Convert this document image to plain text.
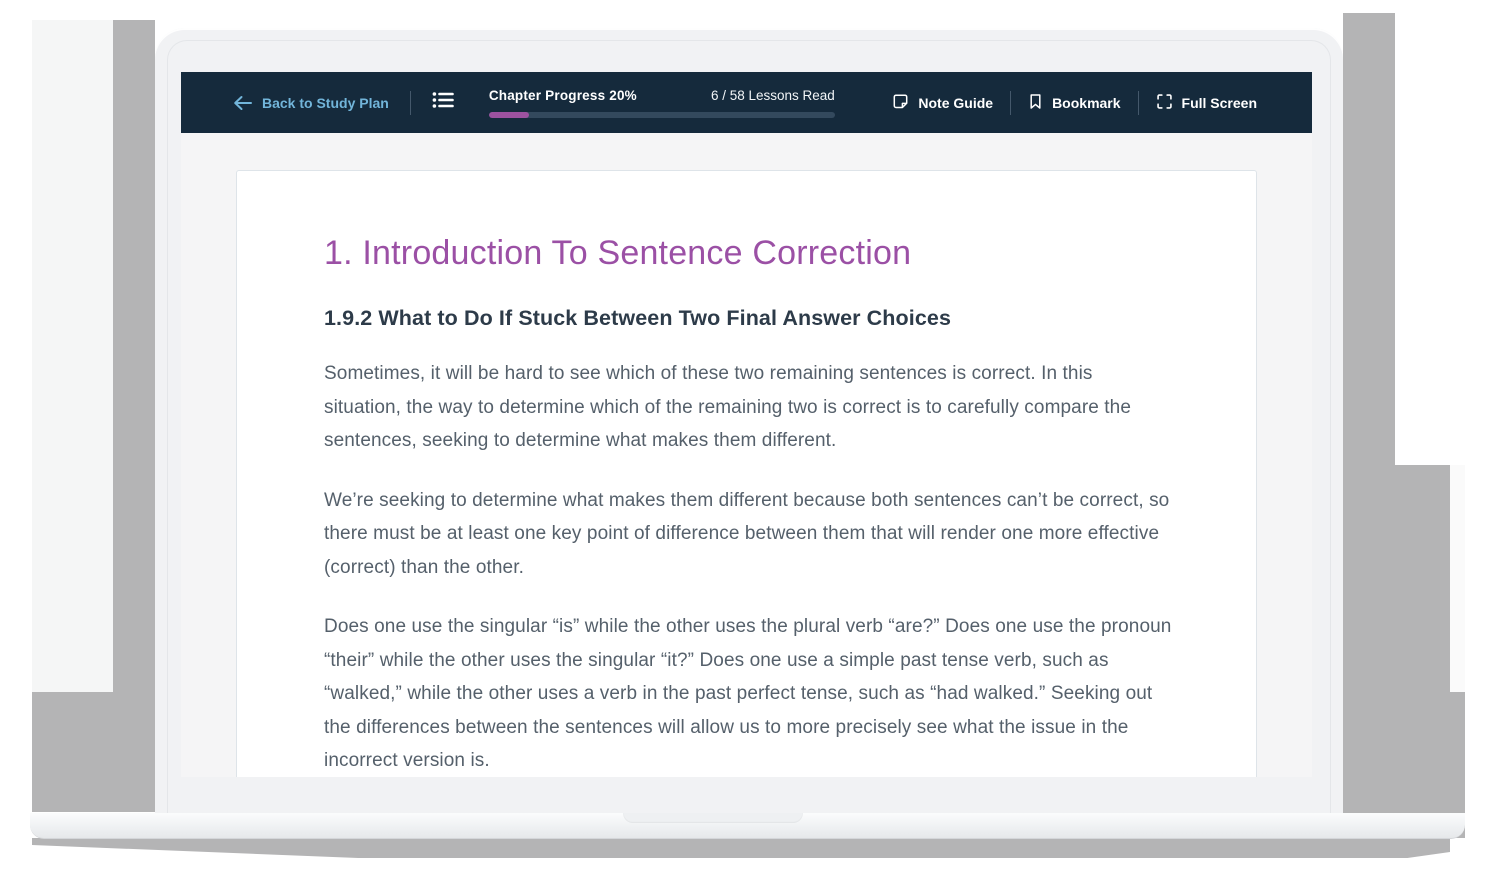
Back to Study Plan	Chapter Progress 20%	6 / 58 Lessons Read	Note Guide	Bookmark	Full Screen
1. Introduction To Sentence Correction
1.9.2 What to Do If Stuck Between Two Final Answer Choices

Sometimes, it will be hard to see which of these two remaining sentences is correct. In this situation, the way to determine which of the remaining two is correct is to carefully compare the sentences, seeking to determine what makes them different.

We’re seeking to determine what makes them different because both sentences can’t be correct, so there must be at least one key point of difference between them that will render one more effective (correct) than the other.

Does one use the singular “is” while the other uses the plural verb “are?” Does one use the pronoun “their” while the other uses the singular “it?” Does one use a simple past tense verb, such as “walked,” while the other uses a verb in the past perfect tense, such as “had walked.” Seeking out the differences between the sentences will allow us to more precisely see what the issue in the incorrect version is.
